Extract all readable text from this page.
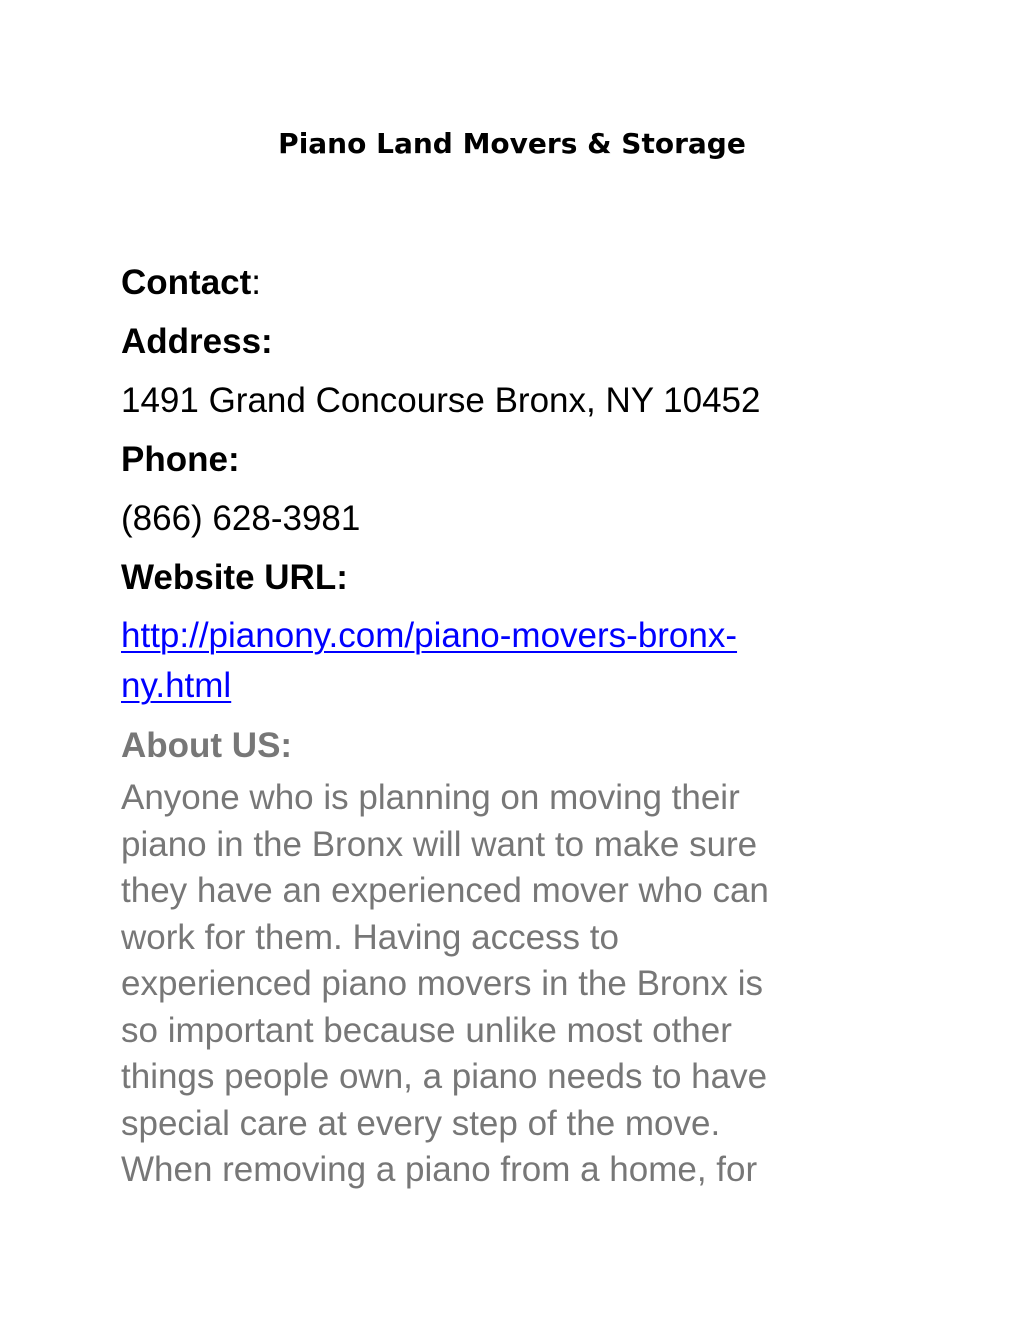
Piano Land Movers & Storage
Contact:
Address:
1491 Grand Concourse Bronx, NY 10452
Phone:
(866) 628-3981
Website URL:
http://pianony.com/piano-movers-bronx-
ny.html
About US:
Anyone who is planning on moving their
piano in the Bronx will want to make sure
they have an experienced mover who can
work for them. Having access to
experienced piano movers in the Bronx is
so important because unlike most other
things people own, a piano needs to have
special care at every step of the move.
When removing a piano from a home, for
